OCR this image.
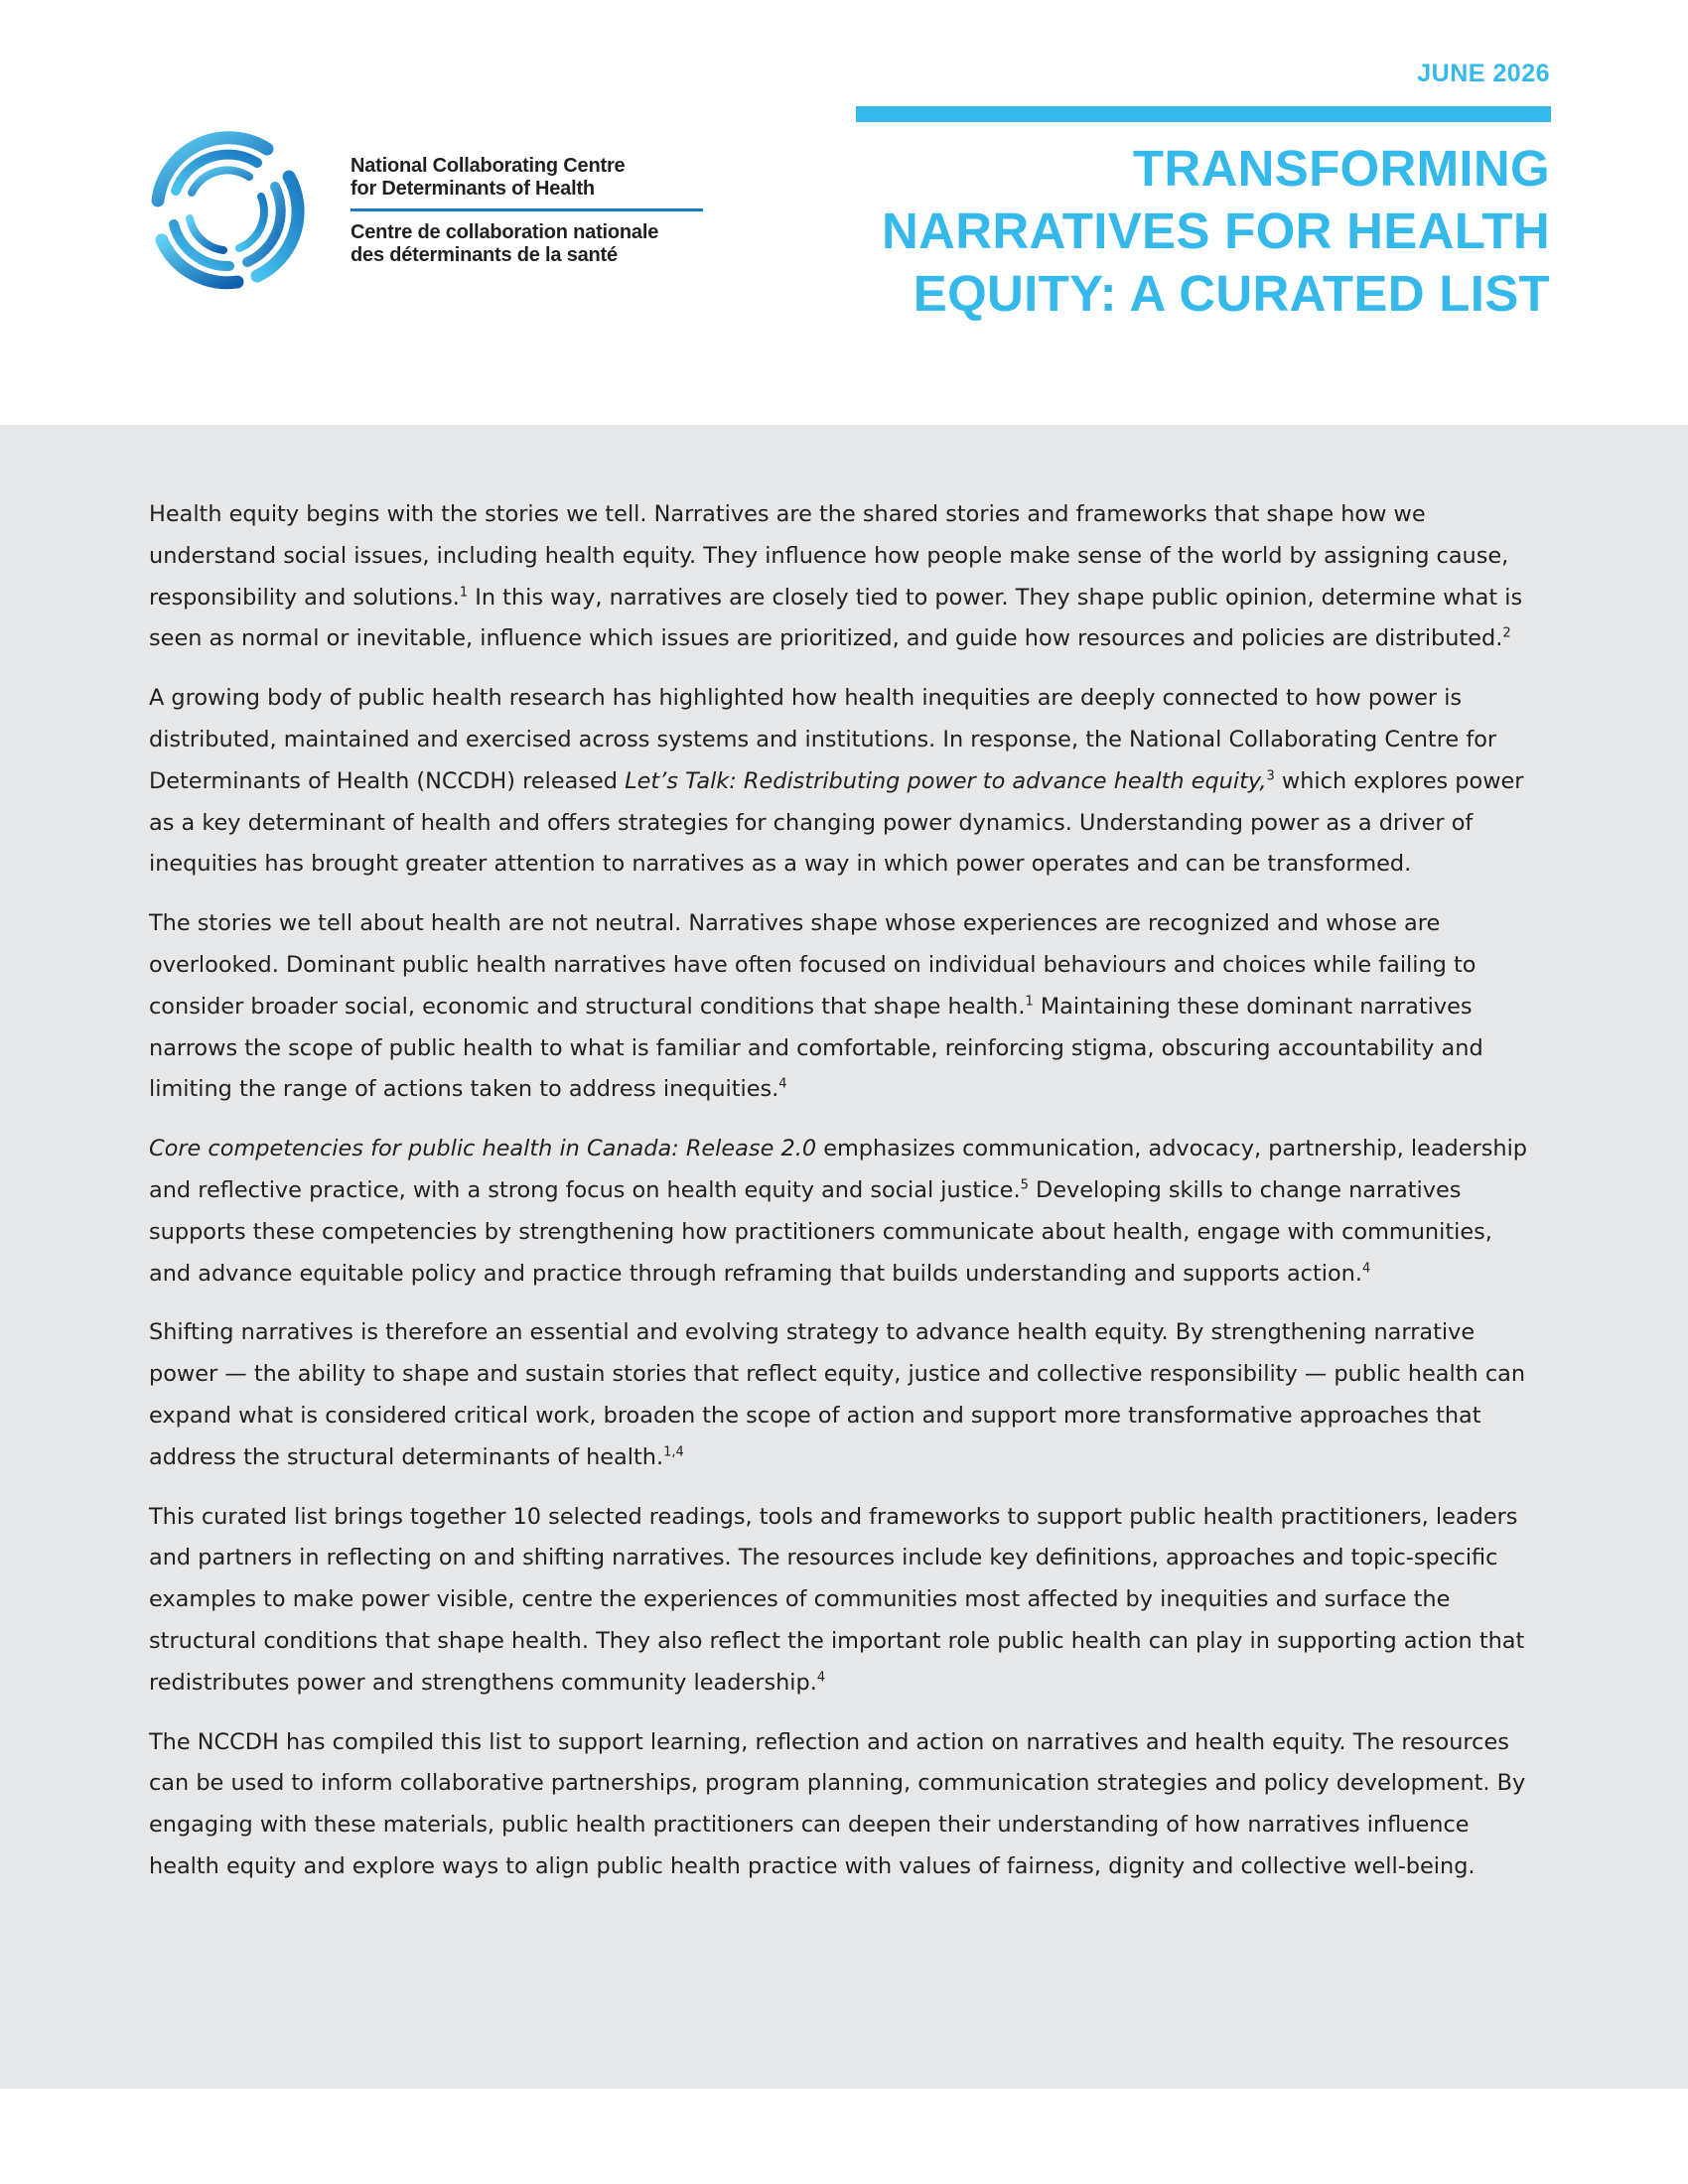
National Collaborating Centre
for Determinants of Health
Centre de collaboration nationale
des déterminants de la santé
JUNE 2026
TRANSFORMING
NARRATIVES FOR HEALTH
EQUITY: A CURATED LIST

Health equity begins with the stories we tell. Narratives are the shared stories and frameworks that shape how we understand social issues, including health equity. They influence how people make sense of the world by assigning cause, responsibility and solutions.$^1$ In this way, narratives are closely tied to power. They shape public opinion, determine what is seen as normal or inevitable, influence which issues are prioritized, and guide how resources and policies are distributed.$^2$

A growing body of public health research has highlighted how health inequities are deeply connected to how power is distributed, maintained and exercised across systems and institutions. In response, the National Collaborating Centre for Determinants of Health (NCCDH) released Let’s Talk: Redistributing power to advance health equity,$^3$ which explores power as a key determinant of health and offers strategies for changing power dynamics. Understanding power as a driver of inequities has brought greater attention to narratives as a way in which power operates and can be transformed.

The stories we tell about health are not neutral. Narratives shape whose experiences are recognized and whose are overlooked. Dominant public health narratives have often focused on individual behaviours and choices while failing to consider broader social, economic and structural conditions that shape health.$^1$ Maintaining these dominant narratives narrows the scope of public health to what is familiar and comfortable, reinforcing stigma, obscuring accountability and limiting the range of actions taken to address inequities.$^4$

Core competencies for public health in Canada: Release 2.0 emphasizes communication, advocacy, partnership, leadership and reflective practice, with a strong focus on health equity and social justice.$^5$ Developing skills to change narratives supports these competencies by strengthening how practitioners communicate about health, engage with communities, and advance equitable policy and practice through reframing that builds understanding and supports action.$^4$

Shifting narratives is therefore an essential and evolving strategy to advance health equity. By strengthening narrative power — the ability to shape and sustain stories that reflect equity, justice and collective responsibility — public health can expand what is considered critical work, broaden the scope of action and support more transformative approaches that address the structural determinants of health.$^{1,4}$

This curated list brings together 10 selected readings, tools and frameworks to support public health practitioners, leaders and partners in reflecting on and shifting narratives. The resources include key definitions, approaches and topic-specific examples to make power visible, centre the experiences of communities most affected by inequities and surface the structural conditions that shape health. They also reflect the important role public health can play in supporting action that redistributes power and strengthens community leadership.$^4$

The NCCDH has compiled this list to support learning, reflection and action on narratives and health equity. The resources can be used to inform collaborative partnerships, program planning, communication strategies and policy development. By engaging with these materials, public health practitioners can deepen their understanding of how narratives influence health equity and explore ways to align public health practice with values of fairness, dignity and collective well-being.
